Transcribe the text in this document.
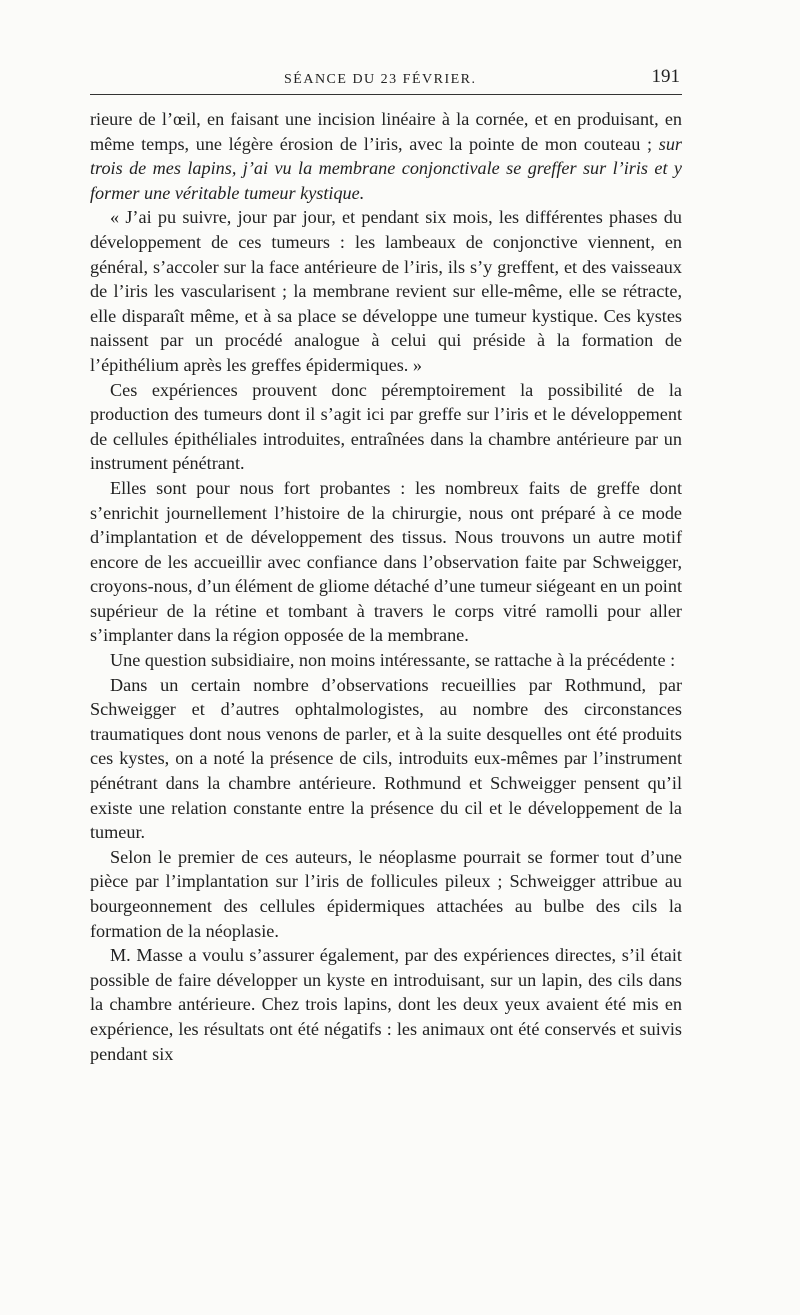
SÉANCE DU 23 FÉVRIER.	191

rieure de l’œil, en faisant une incision linéaire à la cornée, et en produisant, en même temps, une légère érosion de l’iris, avec la pointe de mon couteau ; sur trois de mes lapins, j’ai vu la membrane conjonctivale se greffer sur l’iris et y former une véritable tumeur kystique.

« J’ai pu suivre, jour par jour, et pendant six mois, les différentes phases du développement de ces tumeurs : les lambeaux de conjonctive viennent, en général, s’accoler sur la face antérieure de l’iris, ils s’y greffent, et des vaisseaux de l’iris les vascularisent ; la membrane revient sur elle-même, elle se rétracte, elle disparaît même, et à sa place se développe une tumeur kystique. Ces kystes naissent par un procédé analogue à celui qui préside à la formation de l’épithélium après les greffes épidermiques. »

Ces expériences prouvent donc péremptoirement la possibilité de la production des tumeurs dont il s’agit ici par greffe sur l’iris et le développement de cellules épithéliales introduites, entraînées dans la chambre antérieure par un instrument pénétrant.

Elles sont pour nous fort probantes : les nombreux faits de greffe dont s’enrichit journellement l’histoire de la chirurgie, nous ont préparé à ce mode d’implantation et de développement des tissus. Nous trouvons un autre motif encore de les accueillir avec confiance dans l’observation faite par Schweigger, croyons-nous, d’un élément de gliome détaché d’une tumeur siégeant en un point supérieur de la rétine et tombant à travers le corps vitré ramolli pour aller s’implanter dans la région opposée de la membrane.

Une question subsidiaire, non moins intéressante, se rattache à la précédente :

Dans un certain nombre d’observations recueillies par Rothmund, par Schweigger et d’autres ophtalmologistes, au nombre des circonstances traumatiques dont nous venons de parler, et à la suite desquelles ont été produits ces kystes, on a noté la présence de cils, introduits eux-mêmes par l’instrument pénétrant dans la chambre antérieure. Rothmund et Schweigger pensent qu’il existe une relation constante entre la présence du cil et le développement de la tumeur.

Selon le premier de ces auteurs, le néoplasme pourrait se former tout d’une pièce par l’implantation sur l’iris de follicules pileux ; Schweigger attribue au bourgeonnement des cellules épidermiques attachées au bulbe des cils la formation de la néoplasie.

M. Masse a voulu s’assurer également, par des expériences directes, s’il était possible de faire développer un kyste en introduisant, sur un lapin, des cils dans la chambre antérieure. Chez trois lapins, dont les deux yeux avaient été mis en expérience, les résultats ont été négatifs : les animaux ont été conservés et suivis pendant six
